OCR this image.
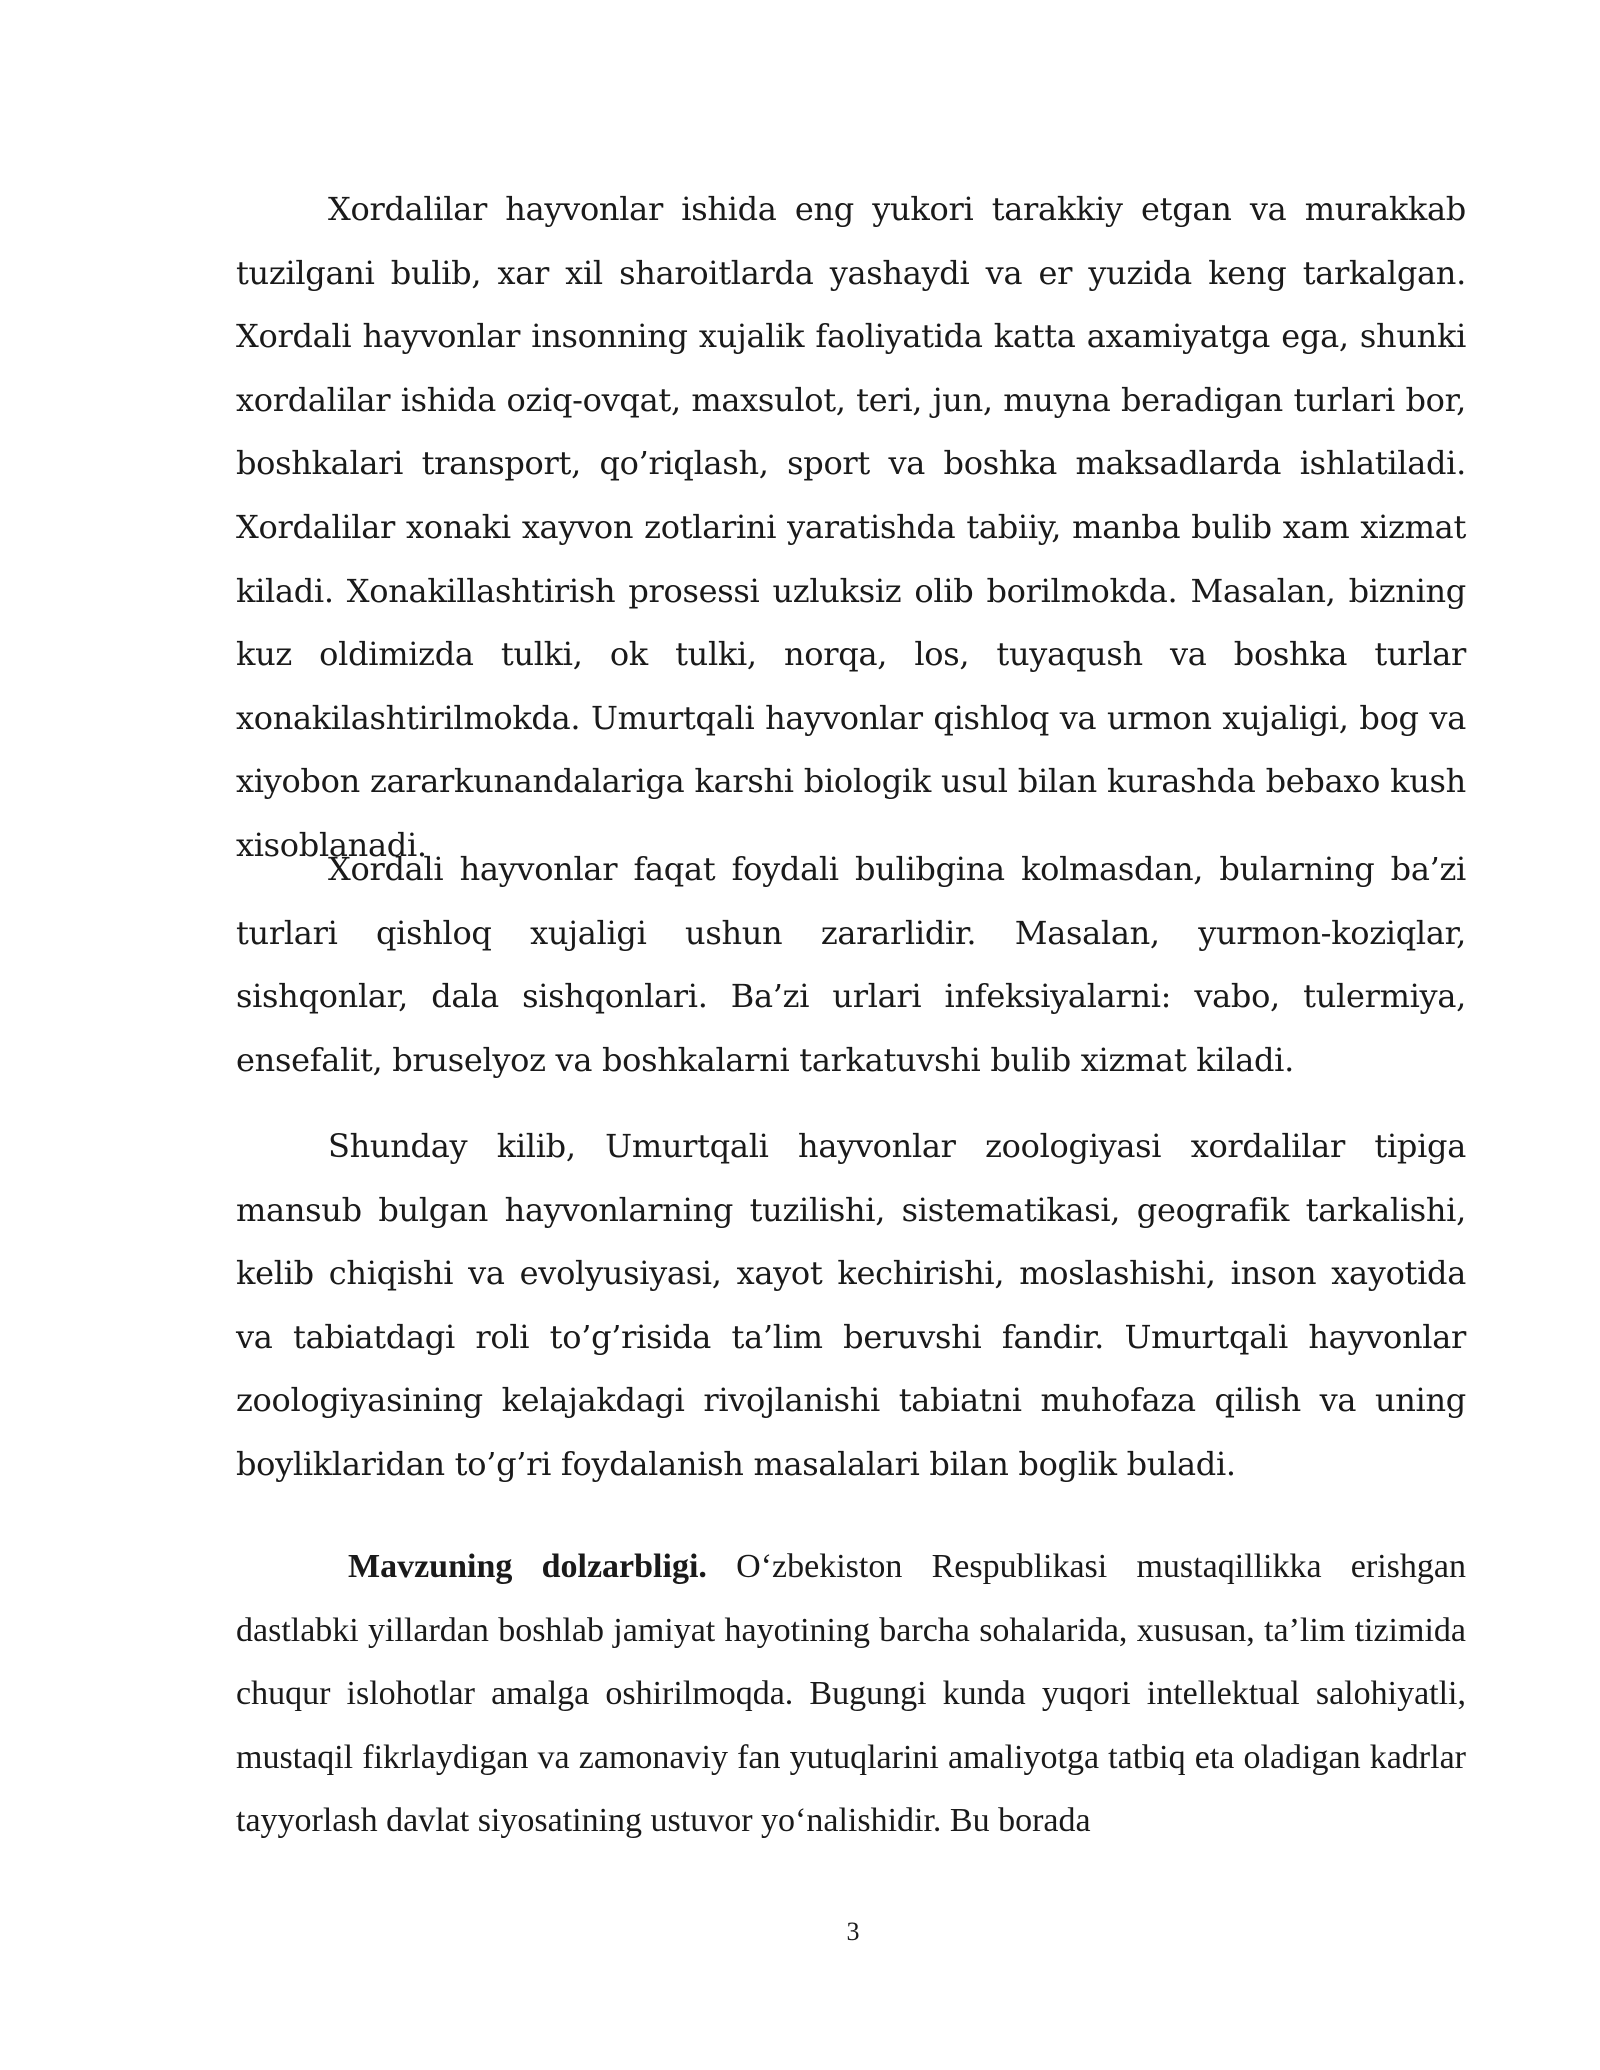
Xordalilar hayvonlar ishida eng yukori tarakkiy etgan va murakkab tuzilgani bulib, xar xil sharoitlarda yashaydi va er yuzida keng tarkalgan. Xordali hayvonlar insonning xujalik faoliyatida katta axamiyatga ega, shunki xordalilar ishida oziq-ovqat, maxsulot, teri, jun, muyna beradigan turlari bor, boshkalari transport, qo’riqlash, sport va boshka maksadlarda ishlatiladi. Xordalilar xonaki xayvon zotlarini yaratishda tabiiy, manba bulib xam xizmat kiladi. Xonakillashtirish prosessi uzluksiz olib borilmokda. Masalan, bizning kuz oldimizda tulki, ok tulki, norqa, los, tuyaqush va boshka turlar xonakilashtirilmokda. Umurtqali hayvonlar qishloq va urmon xujaligi, bog va xiyobon zararkunandalariga karshi biologik usul bilan kurashda bebaxo kush xisoblanadi.

Xordali hayvonlar faqat foydali bulibgina kolmasdan, bularning ba’zi turlari qishloq xujaligi ushun zararlidir. Masalan, yurmon-koziqlar, sishqonlar, dala sishqonlari. Ba’zi urlari infeksiyalarni: vabo, tulermiya, ensefalit, bruselyoz va boshkalarni tarkatuvshi bulib xizmat kiladi.

Shunday kilib, Umurtqali hayvonlar zoologiyasi xordalilar tipiga mansub bulgan hayvonlarning tuzilishi, sistematikasi, geografik tarkalishi, kelib chiqishi va evolyusiyasi, xayot kechirishi, moslashishi, inson xayotida va tabiatdagi roli to’g’risida ta’lim beruvshi fandir. Umurtqali hayvonlar zoologiyasining kelajakdagi rivojlanishi tabiatni muhofaza qilish va uning boyliklaridan to’g’ri foydalanish masalalari bilan boglik buladi.

Mavzuning dolzarbligi. O‘zbekiston Respublikasi mustaqillikka erishgan dastlabki yillardan boshlab jamiyat hayotining barcha sohalarida, xususan, ta’lim tizimida chuqur islohotlar amalga oshirilmoqda. Bugungi kunda yuqori intellektual salohiyatli, mustaqil fikrlaydigan va zamonaviy fan yutuqlarini amaliyotga tatbiq eta oladigan kadrlar tayyorlash davlat siyosatining ustuvor yo‘nalishidir. Bu borada

3
